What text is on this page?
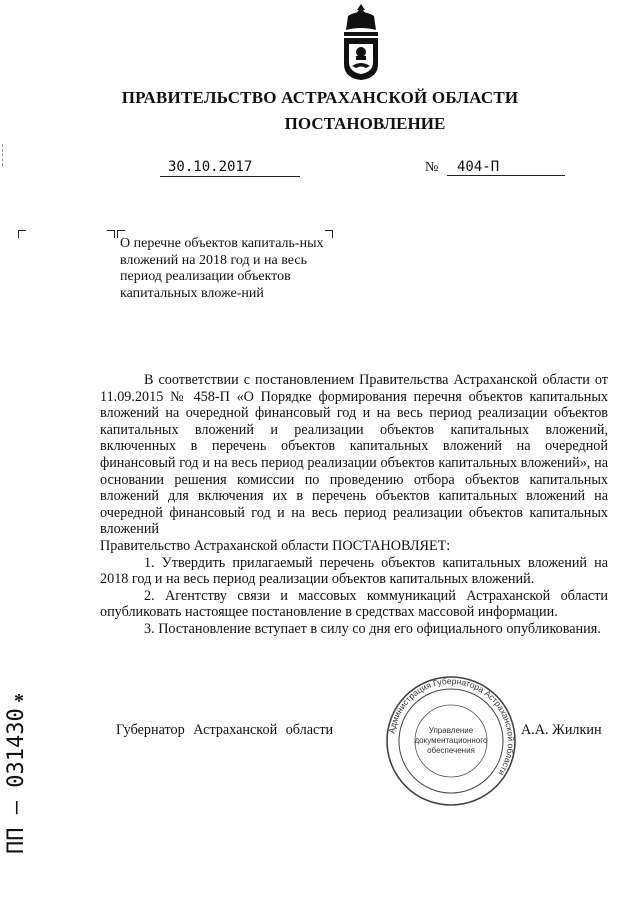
ПРАВИТЕЛЬСТВО АСТРАХАНСКОЙ ОБЛАСТИ
ПОСТАНОВЛЕНИЕ
30.10.2017	№	404-П
О перечне объектов капиталь-ных вложений на 2018 год и на весь период реализации объектов капитальных вложе-ний

В соответствии с постановлением Правительства Астраханской области от 11.09.2015 № 458-П «О Порядке формирования перечня объектов капитальных вложений на очередной финансовый год и на весь период реализации объектов капитальных вложений и реализации объектов капитальных вложений, включенных в перечень объектов капитальных вложений на очередной финансовый год и на весь период реализации объектов капитальных вложений», на основании решения комиссии по проведению отбора объектов капитальных вложений для включения их в перечень объектов капитальных вложений на очередной финансовый год и на весь период реализации объектов капитальных вложений

Правительство Астраханской области ПОСТАНОВЛЯЕТ:

1. Утвердить прилагаемый перечень объектов капитальных вложений на 2018 год и на весь период реализации объектов капитальных вложений.

2. Агентству связи и массовых коммуникаций Астраханской области опубликовать настоящее постановление в средствах массовой информации.

3. Постановление вступает в силу со дня его официального опубликования.

Администрация Губернатора Астраханской области
Управление документационного обеспечения
Губернатор Астраханской области	А.А. Жилкин
*
ПП – 031430
